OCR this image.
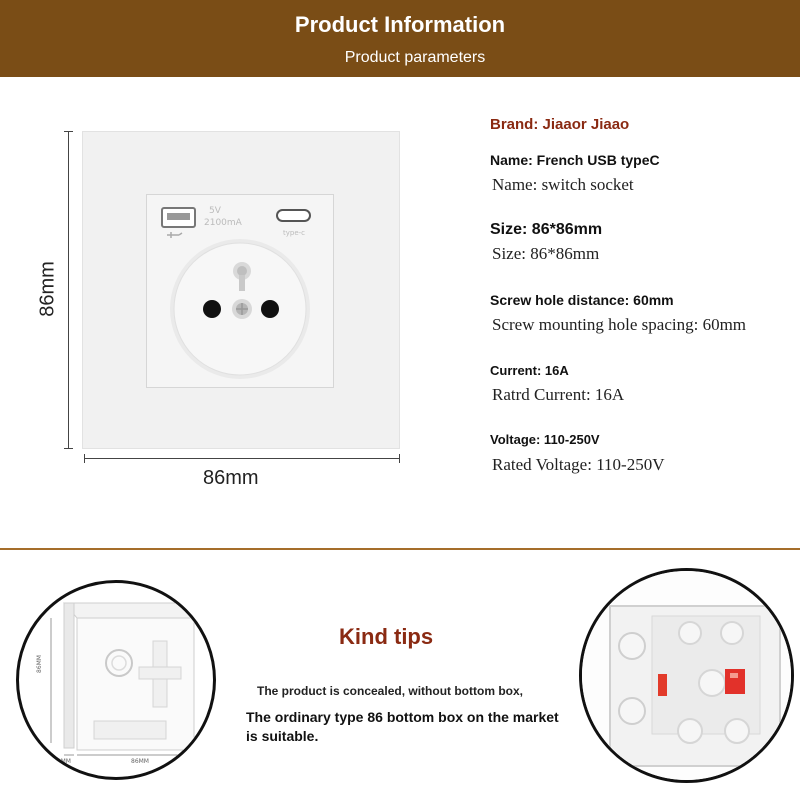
Product Information
Product parameters
86mm
86mm
5V
2100mA
type-c
Brand: Jiaaor Jiaao
Name: French USB typeC
Name: switch socket
Size: 86*86mm
Size: 86*86mm
Screw hole distance: 60mm
Screw mounting hole spacing: 60mm
Current: 16A
Ratrd Current: 16A
Voltage: 110-250V
Rated Voltage: 110-250V
86MM
53MM	86MM
Kind tips
The product is concealed, without bottom box,
The ordinary type 86 bottom box on the market is suitable.
